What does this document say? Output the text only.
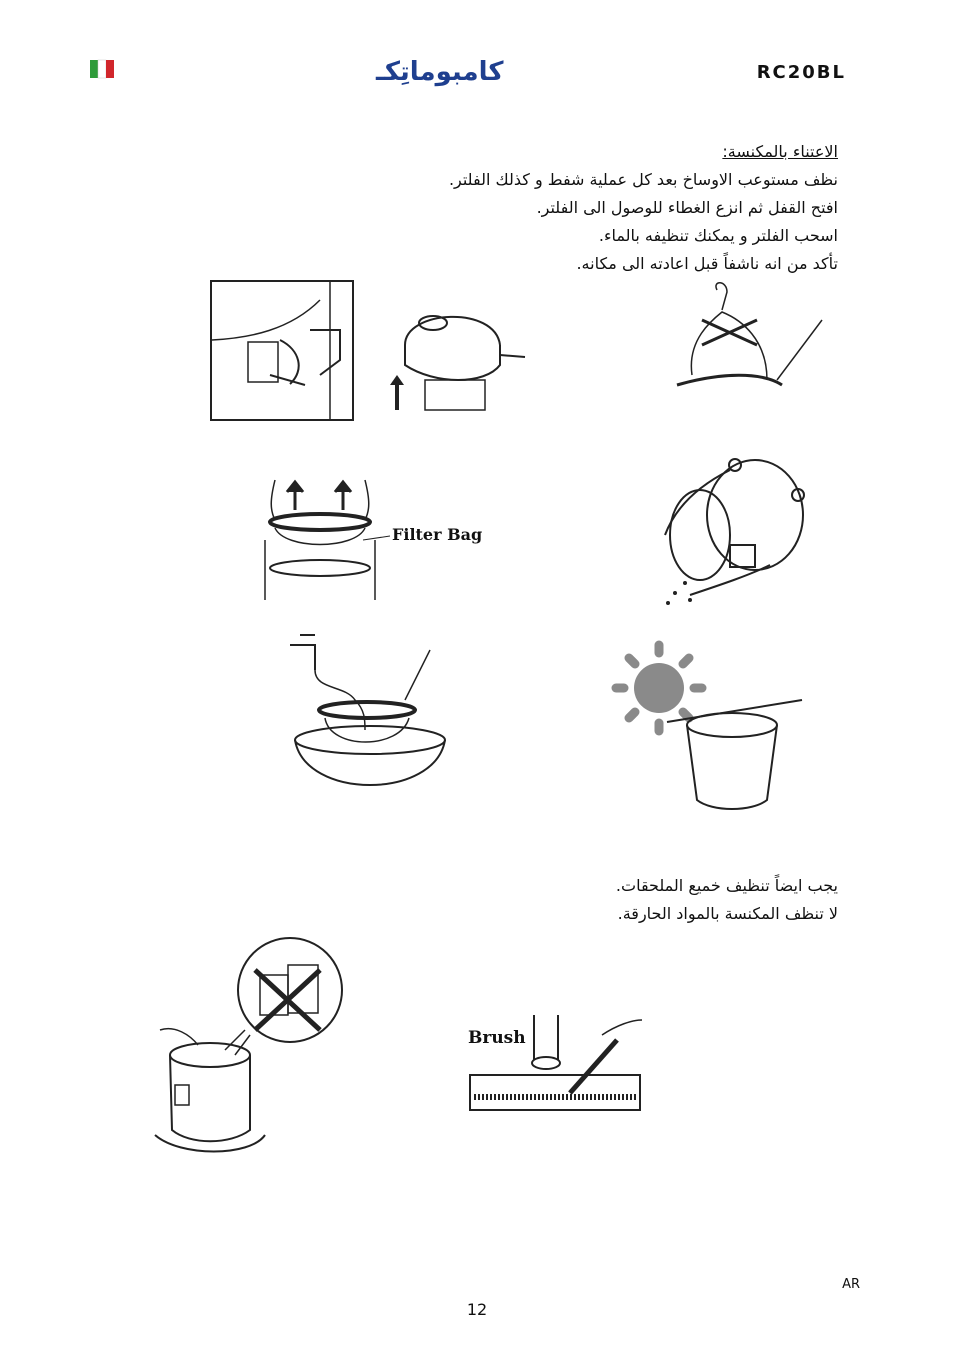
كامبوماتِكـ	RC20BL

الاعتناء بالمكنسة:

نظف مستوعب الاوساخ بعد كل عملية شفط و كذلك الفلتر.

افتح القفل ثم انزع الغطاء للوصول الى الفلتر.

اسحب الفلتر و يمكنك تنظيفه بالماء.

تأكد من انه ناشفاً قبل اعادته الى مكانه.

Filter Bag

يجب ايضاً تنظيف خميع الملحقات.

لا تنظف المكنسة بالمواد الحارقة.

Brush
AR
12
